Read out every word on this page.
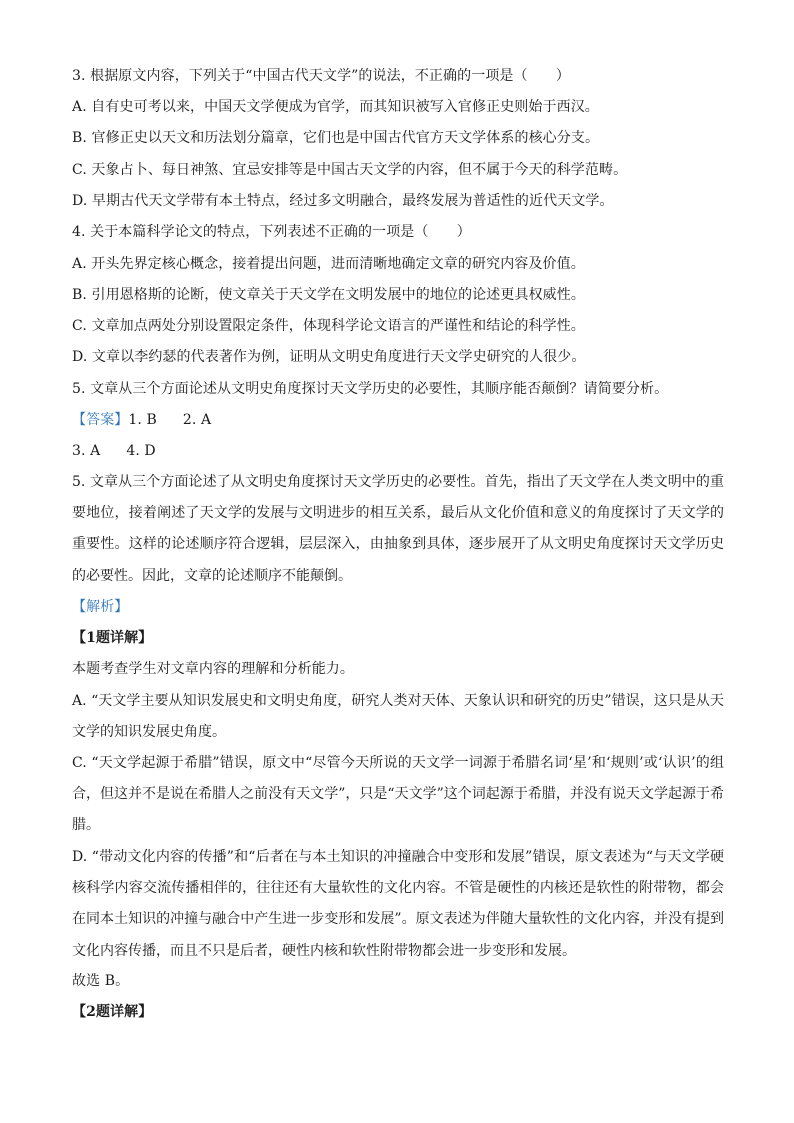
3. 根据原文内容，下列关于“中国古代天文学”的说法，不正确的一项是（　　）
A. 自有史可考以来，中国天文学便成为官学，而其知识被写入官修正史则始于西汉。
B. 官修正史以天文和历法划分篇章，它们也是中国古代官方天文学体系的核心分支。
C. 天象占卜、每日神煞、宜忌安排等是中国古天文学的内容，但不属于今天的科学范畴。
D. 早期古代天文学带有本土特点，经过多文明融合，最终发展为普适性的近代天文学。
4. 关于本篇科学论文的特点，下列表述不正确的一项是（　　）
A. 开头先界定核心概念，接着提出问题，进而清晰地确定文章的研究内容及价值。
B. 引用恩格斯的论断，使文章关于天文学在文明发展中的地位的论述更具权威性。
C. 文章加点两处分别设置限定条件，体现科学论文语言的严谨性和结论的科学性。
D. 文章以李约瑟的代表著作为例，证明从文明史角度进行天文学史研究的人很少。
5. 文章从三个方面论述从文明史角度探讨天文学历史的必要性，其顺序能否颠倒？请简要分析。
【答案】1. B 2. A
3. A 4. D
5. 文章从三个方面论述了从文明史角度探讨天文学历史的必要性。首先，指出了天文学在人类文明中的重要地位，接着阐述了天文学的发展与文明进步的相互关系，最后从文化价值和意义的角度探讨了天文学的重要性。这样的论述顺序符合逻辑，层层深入，由抽象到具体，逐步展开了从文明史角度探讨天文学历史的必要性。因此，文章的论述顺序不能颠倒。
【解析】
【1题详解】
本题考查学生对文章内容的理解和分析能力。
A. “天文学主要从知识发展史和文明史角度，研究人类对天体、天象认识和研究的历史”错误，这只是从天文学的知识发展史角度。
C. “天文学起源于希腊”错误，原文中“尽管今天所说的天文学一词源于希腊名词‘星’和‘规则’或‘认识’的组合，但这并不是说在希腊人之前没有天文学”，只是“天文学”这个词起源于希腊，并没有说天文学起源于希腊。
D. “带动文化内容的传播”和“后者在与本土知识的冲撞融合中变形和发展”错误，原文表述为“与天文学硬核科学内容交流传播相伴的，往往还有大量软性的文化内容。不管是硬性的内核还是软性的附带物，都会在同本土知识的冲撞与融合中产生进一步变形和发展”。原文表述为伴随大量软性的文化内容，并没有提到文化内容传播，而且不只是后者，硬性内核和软性附带物都会进一步变形和发展。
故选 B。
【2题详解】
